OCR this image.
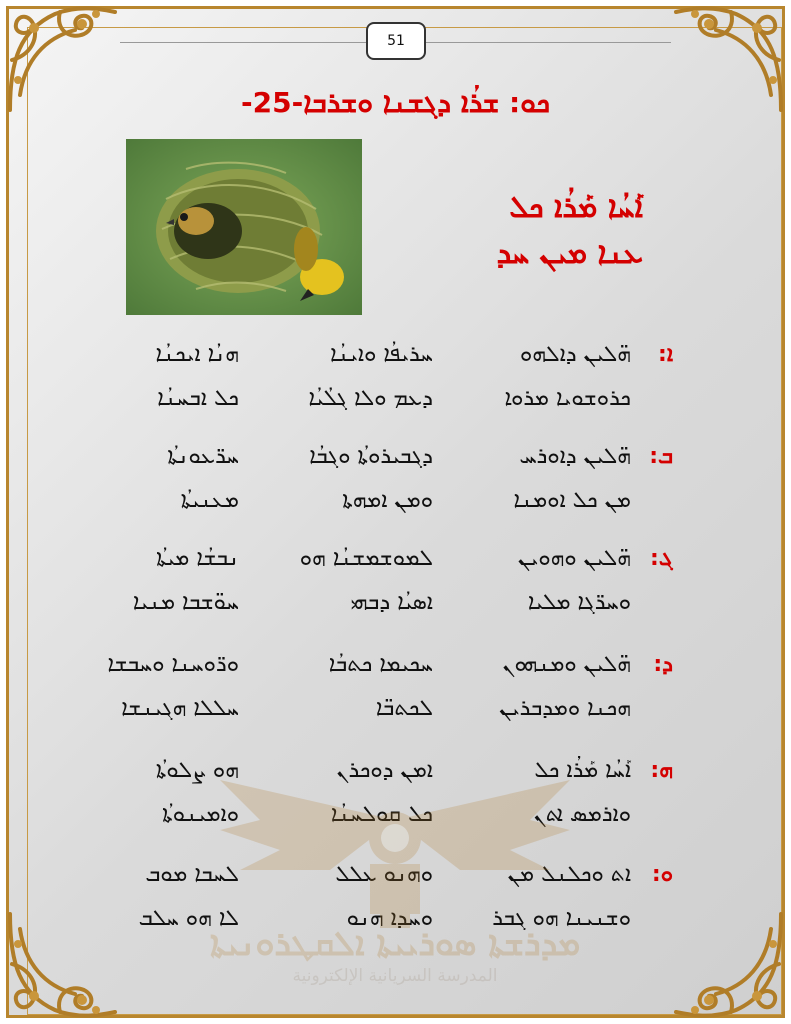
51
ܟܘ: ܫܪܳܐ ܕܓܫܢܐ ܘܫܪܒܐ-25-
ܐܰܚܳܐ ܡܰܪܳܐ ܟܠ
ܥܢܐ ܡܝܢ ܚܕ
ܐ:
ܗ̈ܠܝܢ ܕܐܠܗܘ
ܚܪܝܦܳܐ ܘܐܝܢܳܐ
ܗܢܳܐ ܐܝܟܢܳܐ
ܟܪܘܫܘܝܐ ܡܪܘܐ
ܕܥܡ ܘܠܐ ܓܠܳܝܳܐ
ܟܠ ܐܒܚܢܳܐ
ܒ:
ܗ̈ܠܝܢ ܕܐܘܪܚ
ܕܓܒܝܪܘܬܳܐ ܘܓܒܳܐ
ܚܪ̈ܥܘܢܬܳܐ
ܡܢ ܟܠ ܐܘܡܢܐ
ܘܡܢ ܐܡܗܬܐ
ܡܥܢܝܬܳܐ
ܓ:
ܗ̈ܠܝܢ ܘܗܘܝܢ
ܠܡܘܫܡܫܢܳܐ ܗܘ
ܢܒܫܳܐ ܡܝܬܳܐ
ܘܚܪ̈ܓܐ ܡܠܝܐ
ܐܣܝܳܐ ܕܒܗܝ
ܚܘ̈ܫܒܐ ܡܢܝܐ
ܕ:
ܗ̈ܠܝܢ ܘܡܢܗܘܢ
ܚܟܝܡܐ ܟܬܒܳܐ
ܘܪ̈ܘܚܢܐ ܘܚܒܫܐ
ܗܟܢܐ ܘܡܕܒܪܝܢ
ܠܟܬܒ̈ܐ
ܚܠܠܐ ܗܓܝܢܫܐ
ܗ:
ܐܰܚܳܐ ܡܰܪܳܐ ܟܠ
ܐܡܢ ܕܘܟܪܢ
ܗܘ ܨܠܘܬܳܐ
ܘܐܪܡܣ ܐܬܢ
ܟܠ ܩܘܠܚܢܳܐ
ܘܐܡܝܢܘܬܳܐ
ܘ:
ܐܬ ܘܟܠܢܠ ܡܢ
ܘܗܢܘ ܥܠܠ
ܠܚܒܐ ܡܘܒ
ܘܫܢܝܢܐ ܗܘ ܓܒܪ
ܘܚܕܐ ܗܢܘ
ܠܐ ܗܘ ܚܠܒ
ܡܕܪܫܬܐ ܣܘܪܝܝܬܐ ܐܠܩܛܪܘܢܝܬܐ
المدرسة السريانية الإلكترونية
